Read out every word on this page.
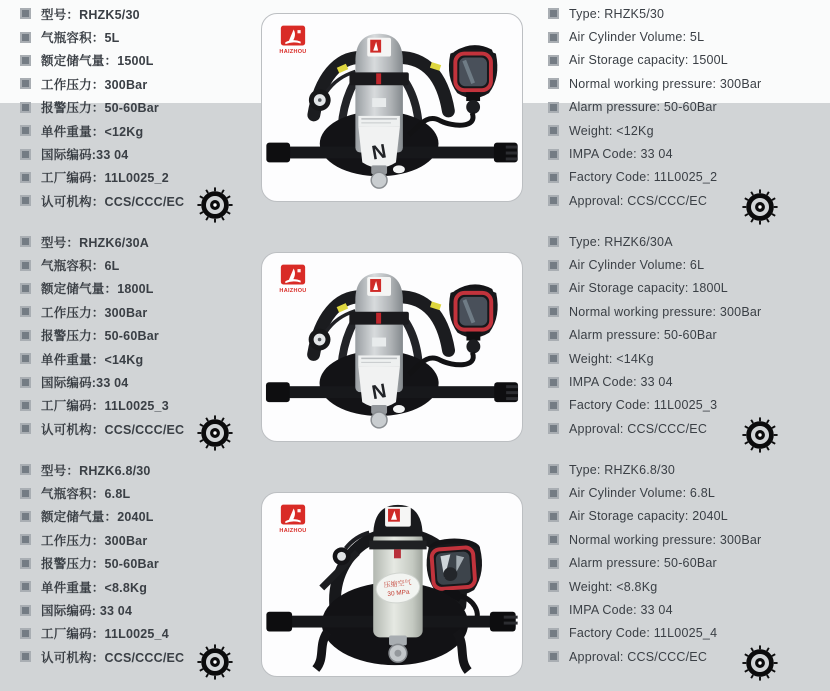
型号：RHZK5/30
气瓶容积：5L
额定储气量：1500L
工作压力：300Bar
报警压力：50-60Bar
单件重量：<12Kg
国际编码:33 04
工厂编码：11L0025_2
认可机构：CCS/CCC/EC
N
HAIZHOU
Type: RHZK5/30
Air Cylinder Volume: 5L
Air Storage capacity: 1500L
Normal working pressure: 300Bar
Alarm pressure: 50-60Bar
Weight: <12Kg
IMPA Code: 33 04
Factory Code: 11L0025_2
Approval: CCS/CCC/EC
型号：RHZK6/30A
气瓶容积：6L
额定储气量：1800L
工作压力：300Bar
报警压力：50-60Bar
单件重量：<14Kg
国际编码:33 04
工厂编码：11L0025_3
认可机构：CCS/CCC/EC
N
HAIZHOU
Type: RHZK6/30A
Air Cylinder Volume: 6L
Air Storage capacity: 1800L
Normal working pressure: 300Bar
Alarm pressure: 50-60Bar
Weight: <14Kg
IMPA Code: 33 04
Factory Code: 11L0025_3
Approval: CCS/CCC/EC
型号：RHZK6.8/30
气瓶容积：6.8L
额定储气量：2040L
工作压力：300Bar
报警压力：50-60Bar
单件重量：<8.8Kg
国际编码: 33 04
工厂编码：11L0025_4
认可机构：CCS/CCC/EC
压缩空气
30 MPa
HAIZHOU
Type: RHZK6.8/30
Air Cylinder Volume: 6.8L
Air Storage capacity: 2040L
Normal working pressure: 300Bar
Alarm pressure: 50-60Bar
Weight: <8.8Kg
IMPA Code: 33 04
Factory Code: 11L0025_4
Approval: CCS/CCC/EC
